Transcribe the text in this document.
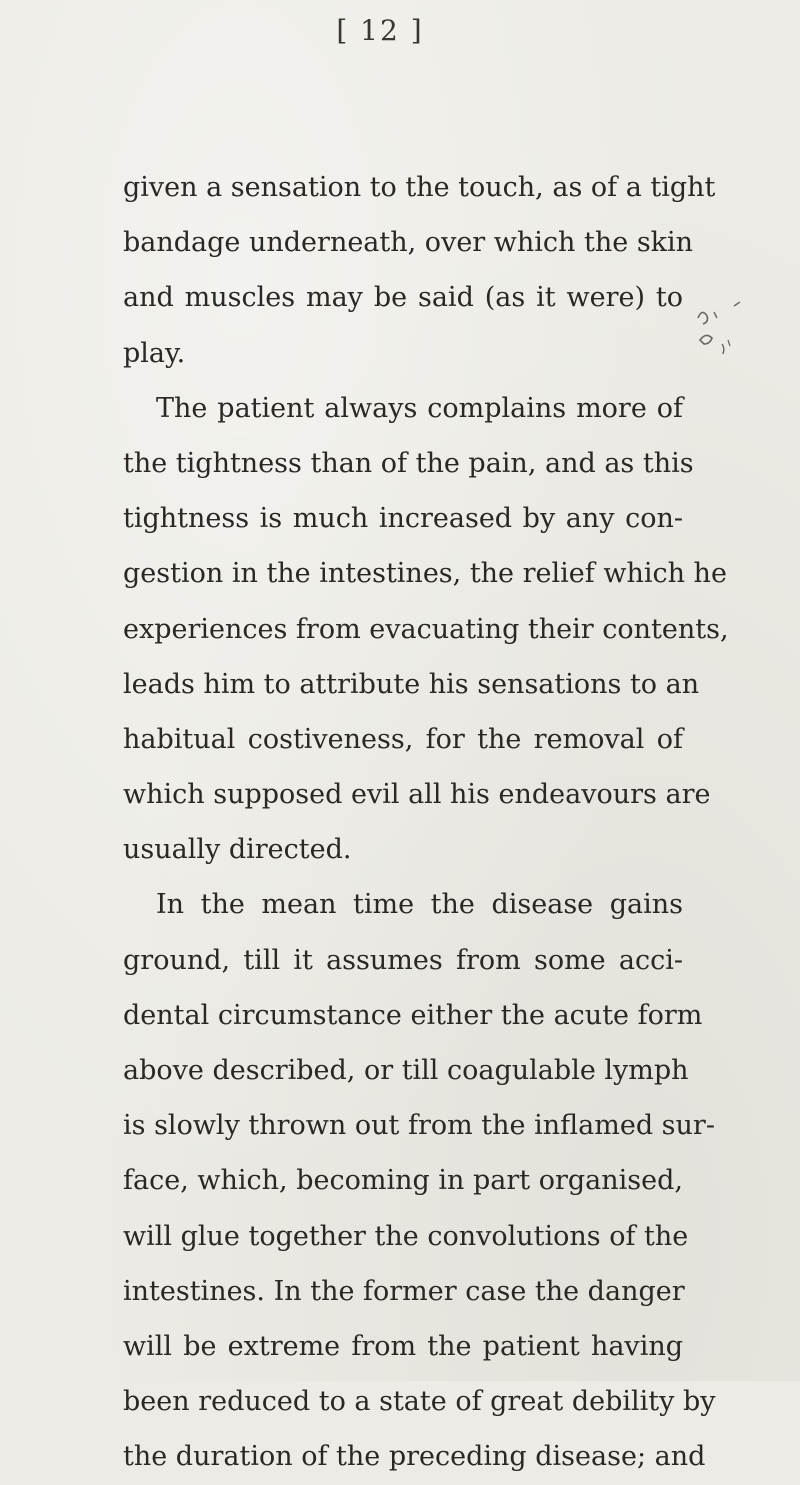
[ 12 ]
given a sensation to the touch, as of a tight
bandage underneath, over which the skin
and muscles may be said (as it were) to
play.
The patient always complains more of
the tightness than of the pain, and as this
tightness is much increased by any con-
gestion in the intestines, the relief which he
experiences from evacuating their contents,
leads him to attribute his sensations to an
habitual costiveness, for the removal of
which supposed evil all his endeavours are
usually directed.
In the mean time the disease gains
ground, till it assumes from some acci-
dental circumstance either the acute form
above described, or till coagulable lymph
is slowly thrown out from the inflamed sur-
face, which, becoming in part organised,
will glue together the convolutions of the
intestines. In the former case the danger
will be extreme from the patient having
been reduced to a state of great debility by
the duration of the preceding disease; and
